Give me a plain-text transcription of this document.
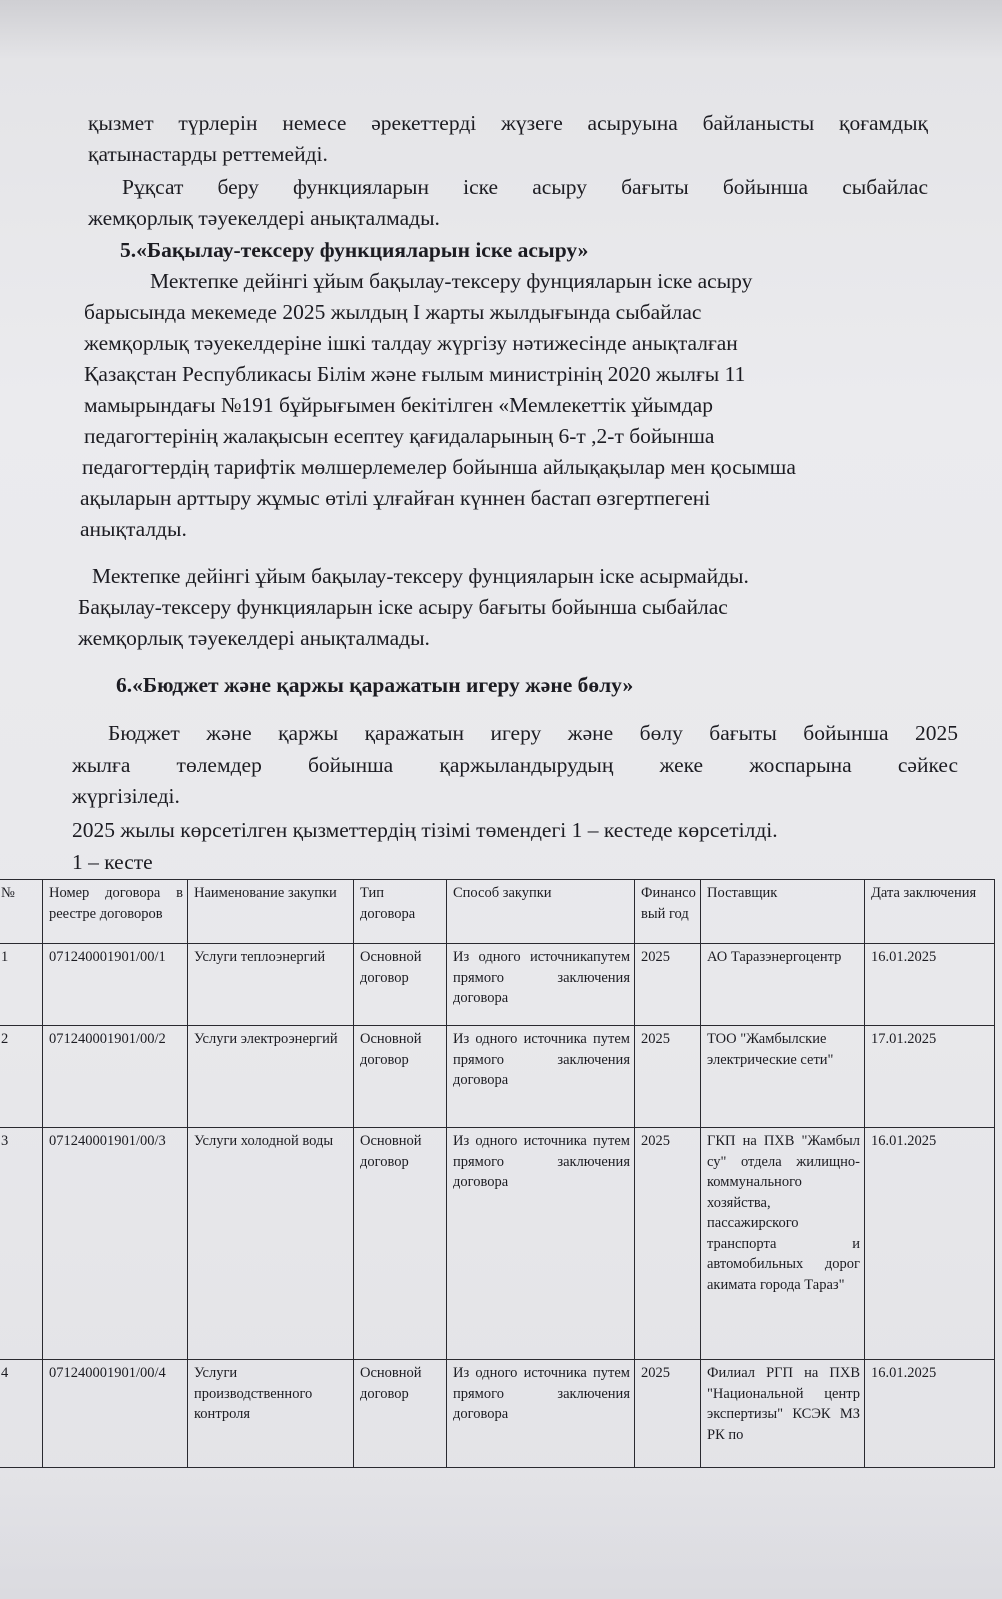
қызмет түрлерін немесе әрекеттерді жүзеге асыруына байланысты қоғамдық
қатынастарды реттемейді.
Рұқсат беру функцияларын іске асыру бағыты бойынша сыбайлас
жемқорлық тәуекелдері анықталмады.
5.«Бақылау-тексеру функцияларын іске асыру»
Мектепке дейінгі ұйым бақылау-тексеру фунцияларын іске асыру
барысында мекемеде 2025 жылдың І жарты жылдығында сыбайлас
жемқорлық тәуекелдеріне ішкі талдау жүргізу нәтижесінде анықталған
Қазақстан Республикасы Білім және ғылым министрінің 2020 жылғы 11
мамырындағы №191 бұйрығымен бекітілген «Мемлекеттік ұйымдар
педагогтерінің жалақысын есептеу қағидаларының 6-т ,2-т бойынша
педагогтердің тарифтік мөлшерлемелер бойынша айлықақылар мен қосымша
ақыларын арттыру жұмыс өтілі ұлғайған күннен бастап өзгертпегені
анықталды.
Мектепке дейінгі ұйым бақылау-тексеру фунцияларын іске асырмайды.
Бақылау-тексеру функцияларын іске асыру бағыты бойынша сыбайлас
жемқорлық тәуекелдері анықталмады.
6.«Бюджет және қаржы қаражатын игеру және бөлу»
Бюджет және қаржы қаражатын игеру және бөлу бағыты бойынша 2025
жылға төлемдер бойынша қаржыландырудың жеке жоспарына сәйкес
жүргізіледі.
2025 жылы көрсетілген қызметтердің тізімі төмендегі 1 – кестеде көрсетілді.
1 – кесте
№	Номер договора в реестре договоров	Наименование закупки	Тип договора	Способ закупки	Финансовый год	Поставщик	Дата заключения
1	071240001901/00/1	Услуги теплоэнергий	Основной договор	Из одного источникапутем прямого заключения договора	2025	АО Таразэнергоцентр	16.01.2025
2	071240001901/00/2	Услуги электроэнергий	Основной договор	Из одного источника путем прямого заключения договора	2025	ТОО "Жамбылские электрические сети"	17.01.2025
3	071240001901/00/3	Услуги холодной воды	Основной договор	Из одного источника путем прямого заключения договора	2025	ГКП на ПХВ "Жамбыл су" отдела жилищно-коммунального хозяйства, пассажирского транспорта и автомобильных дорог акимата города Тараз"	16.01.2025
4	071240001901/00/4	Услуги производственного контроля	Основной договор	Из одного источника путем прямого заключения договора	2025	Филиал РГП на ПХВ "Национальной центр экспертизы" КСЭК МЗ РК по	16.01.2025
